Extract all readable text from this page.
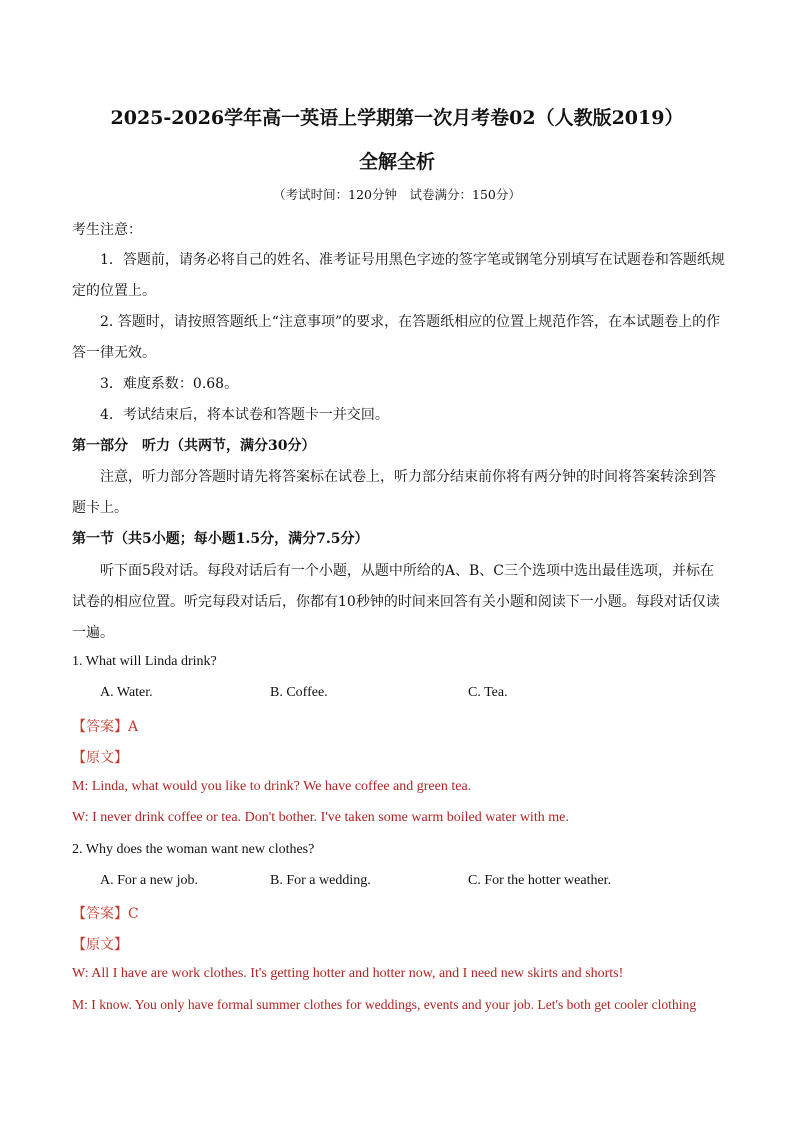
2025-2026学年高一英语上学期第一次月考卷02（人教版2019）
全解全析
（考试时间：120分钟　试卷满分：150分）
考生注意：
1．答题前，请务必将自己的姓名、准考证号用黑色字迹的签字笔或钢笔分别填写在试题卷和答题纸规
定的位置上。
2. 答题时，请按照答题纸上“注意事项”的要求，在答题纸相应的位置上规范作答，在本试题卷上的作
答一律无效。
3．难度系数：0.68。
4．考试结束后，将本试卷和答题卡一并交回。
第一部分　听力（共两节，满分30分）
注意，听力部分答题时请先将答案标在试卷上，听力部分结束前你将有两分钟的时间将答案转涂到答
题卡上。
第一节（共5小题；每小题1.5分，满分7.5分）
听下面5段对话。每段对话后有一个小题，从题中所给的A、B、C三个选项中选出最佳选项，并标在
试卷的相应位置。听完每段对话后，你都有10秒钟的时间来回答有关小题和阅读下一小题。每段对话仅读
一遍。
1. What will Linda drink?
A. Water.	B. Coffee.	C. Tea.
【答案】A
【原文】
M: Linda, what would you like to drink? We have coffee and green tea.
W: I never drink coffee or tea. Don't bother. I've taken some warm boiled water with me.
2. Why does the woman want new clothes?
A. For a new job.	B. For a wedding.	C. For the hotter weather.
【答案】C
【原文】
W: All I have are work clothes. It's getting hotter and hotter now, and I need new skirts and shorts!
M: I know. You only have formal summer clothes for weddings, events and your job. Let's both get cooler clothing
